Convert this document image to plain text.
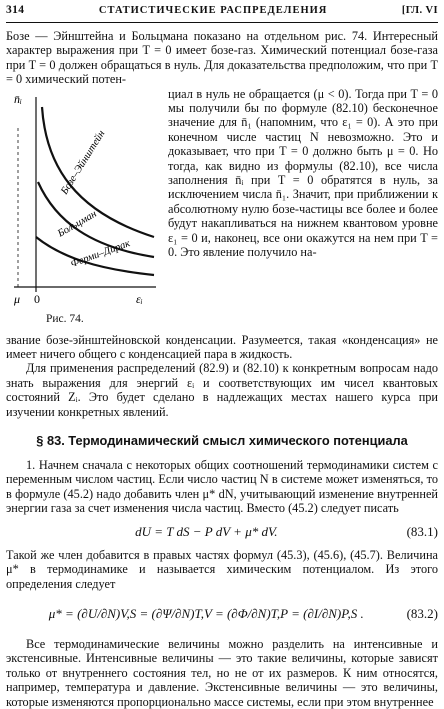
314	СТАТИСТИЧЕСКИЕ РАСПРЕДЕЛЕНИЯ	[ГЛ. VI

Бозе — Эйнштейна и Больцмана показано на отдельном рис. 74. Интересный характер выражения при T = 0 имеет бозе-газ. Химический потенциал бозе-газа при T = 0 должен обращаться в нуль. Для доказательства предположим, что при T = 0 химический потен-

Бозе–Эйнштейн
Больцман
Ферми–Дирак
n̄ᵢ
εᵢ
μ 0
Рис. 74.

циал в нуль не обращается (μ < 0). Тогда при T = 0 мы получили бы по формуле (82.10) бесконечное значение для n̄₁ (напомним, что ε₁ = 0). А это при конечном числе частиц N невозможно. Это и доказывает, что при T = 0 должно быть μ = 0. Но тогда, как видно из формулы (82.10), все числа заполнения n̄ᵢ при T = 0 обратятся в нуль, за исключением числа n̄₁. Значит, при приближении к абсолютному нулю бозе-частицы все более и более будут накапливаться на нижнем квантовом уровне ε₁ = 0 и, наконец, все они окажутся на нем при T = 0. Это явление получило на-

звание бозе-эйнштейновской конденсации. Разумеется, такая «конденсация» не имеет ничего общего с конденсацией пара в жидкость.

Для применения распределений (82.9) и (82.10) к конкретным вопросам надо знать выражения для энергий εᵢ и соответствующих им чисел квантовых состояний Zᵢ. Это будет сделано в надлежащих местах нашего курса при изучении конкретных явлений.

§ 83. Термодинамический смысл химического потенциала

1. Начнем сначала с некоторых общих соотношений термодинамики систем с переменным числом частиц. Если число частиц N в системе может изменяться, то в формуле (45.2) надо добавить член μ* dN, учитывающий изменение внутренней энергии газа за счет изменения числа частиц. Вместо (45.2) следует писать

dU = T dS − P dV + μ* dV.	(83.1)

Такой же член добавится в правых частях формул (45.3), (45.6), (45.7). Величина μ* в термодинамике и называется химическим потенциалом. Из этого определения следует

μ* = (∂U/∂N)V,S = (∂Ψ/∂N)T,V = (∂Φ/∂N)T,P = (∂I/∂N)P,S .	(83.2)

Все термодинамические величины можно разделить на интенсивные и экстенсивные. Интенсивные величины — это такие величины, которые зависят только от внутреннего состояния тел, но не от их размеров. К ним относятся, например, температура и давление. Экстенсивные величины — это величины, которые изменяются пропорционально массе системы, если при этом внутреннее
